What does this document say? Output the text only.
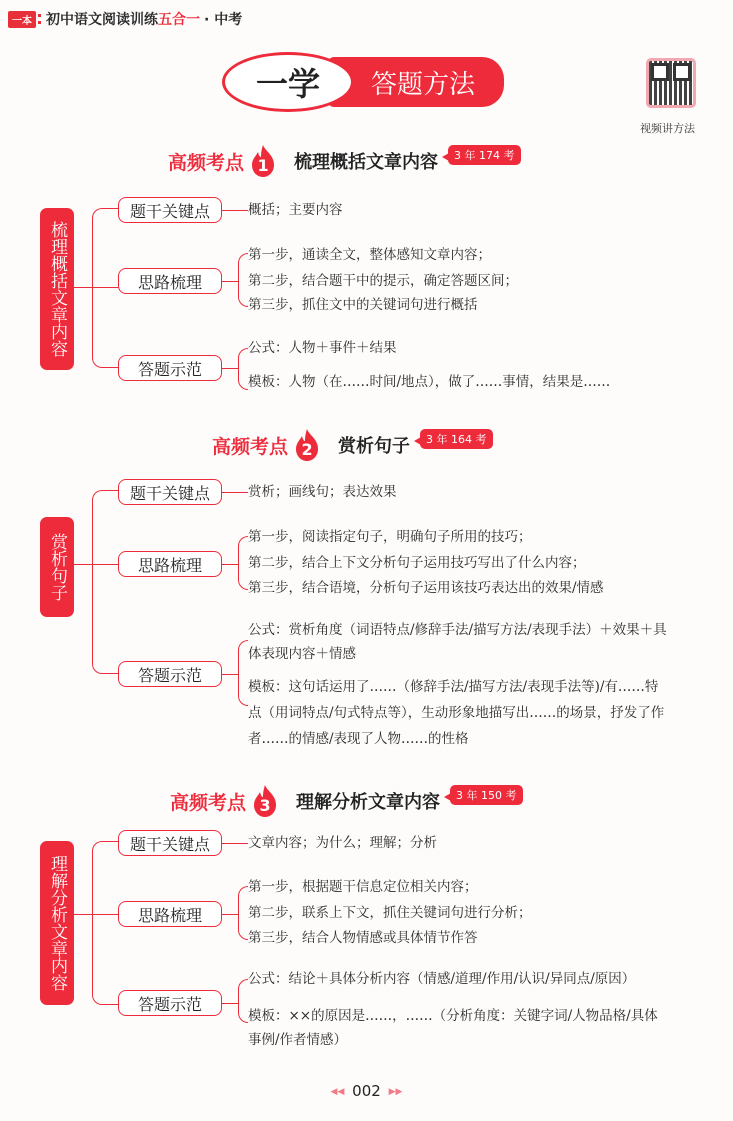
一本 初中语文阅读训练 五合一 · 中考
答题方法
一学
视频讲方法
高频考点 1	梳理概括文章内容	3 年 174 考
梳理概括文章内容
题干关键点	概括；主要内容
思路梳理
第一步，通读全文，整体感知文章内容；
第二步，结合题干中的提示，确定答题区间；
第三步，抓住文中的关键词句进行概括
答题示范
公式：人物＋事件＋结果
模板：人物（在……时间/地点），做了……事情，结果是……
高频考点 2	赏析句子	3 年 164 考
赏析句子
题干关键点	赏析；画线句；表达效果
思路梳理
第一步，阅读指定句子，明确句子所用的技巧；
第二步，结合上下文分析句子运用技巧写出了什么内容；
第三步，结合语境，分析句子运用该技巧表达出的效果/情感
答题示范
公式：赏析角度（词语特点/修辞手法/描写方法/表现手法）＋效果＋具体表现内容＋情感
模板：这句话运用了……（修辞手法/描写方法/表现手法等)/有……特点（用词特点/句式特点等），生动形象地描写出……的场景，抒发了作者……的情感/表现了人物……的性格
高频考点 3	理解分析文章内容	3 年 150 考
理解分析文章内容
题干关键点	文章内容；为什么；理解；分析
思路梳理
第一步，根据题干信息定位相关内容；
第二步，联系上下文，抓住关键词句进行分析；
第三步，结合人物情感或具体情节作答
答题示范
公式：结论＋具体分析内容（情感/道理/作用/认识/异同点/原因）
模板：××的原因是……，……（分析角度：关键字词/人物品格/具体事例/作者情感）
◀◀ 002 ▶▶
